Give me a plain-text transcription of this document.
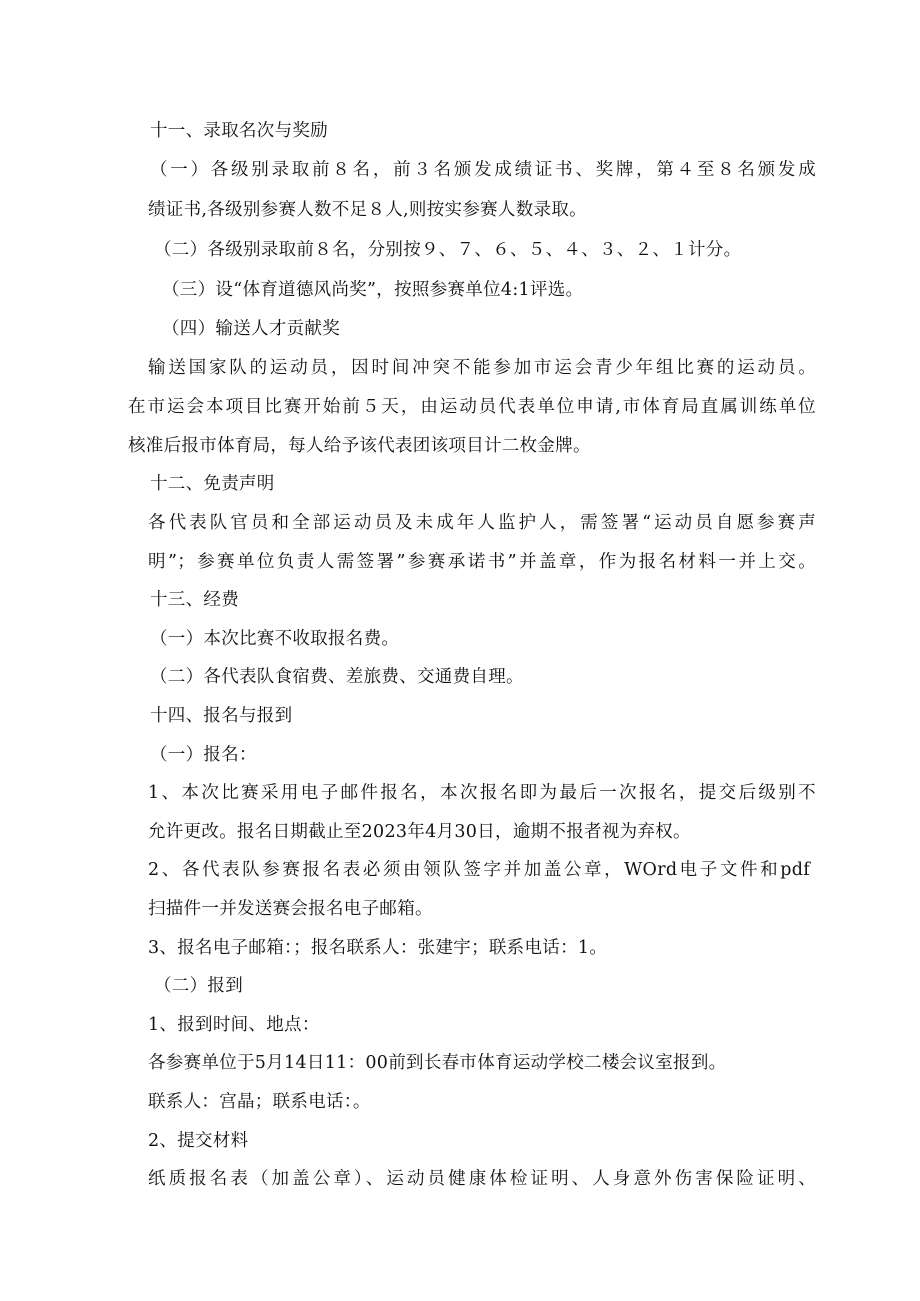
十一、录取名次与奖励
（一）各级别录取前８名，前３名颁发成绩证书、奖牌，第４至８名颁发成
绩证书,各级别参赛人数不足８人,则按实参赛人数录取。
（二）各级别录取前８名，分别按９、７、６、５、４、３、２、１计分。
（三）设“体育道德风尚奖”，按照参赛单位4:1评选。
（四）输送人才贡献奖
输送国家队的运动员，因时间冲突不能参加市运会青少年组比赛的运动员。
在市运会本项目比赛开始前５天，由运动员代表单位申请,市体育局直属训练单位
核准后报市体育局，每人给予该代表团该项目计二枚金牌。
十二、免责声明
各代表队官员和全部运动员及未成年人监护人，需签署“运动员自愿参赛声
明”；参赛单位负责人需签署”参赛承诺书”并盖章，作为报名材料一并上交。
十三、经费
（一）本次比赛不收取报名费。
（二）各代表队食宿费、差旅费、交通费自理。
十四、报名与报到
（一）报名：
1、本次比赛采用电子邮件报名，本次报名即为最后一次报名，提交后级别不
允许更改。报名日期截止至2023年4月30日，逾期不报者视为弃权。
2、各代表队参赛报名表必须由领队签字并加盖公章，WOrd电子文件和pdf
扫描件一并发送赛会报名电子邮箱。
3、报名电子邮箱：；报名联系人：张建宇；联系电话：1。
（二）报到
1、报到时间、地点：
各参赛单位于5月14日11：00前到长春市体育运动学校二楼会议室报到。
联系人：宫晶；联系电话：。
2、提交材料
纸质报名表（加盖公章）、运动员健康体检证明、人身意外伤害保险证明、
